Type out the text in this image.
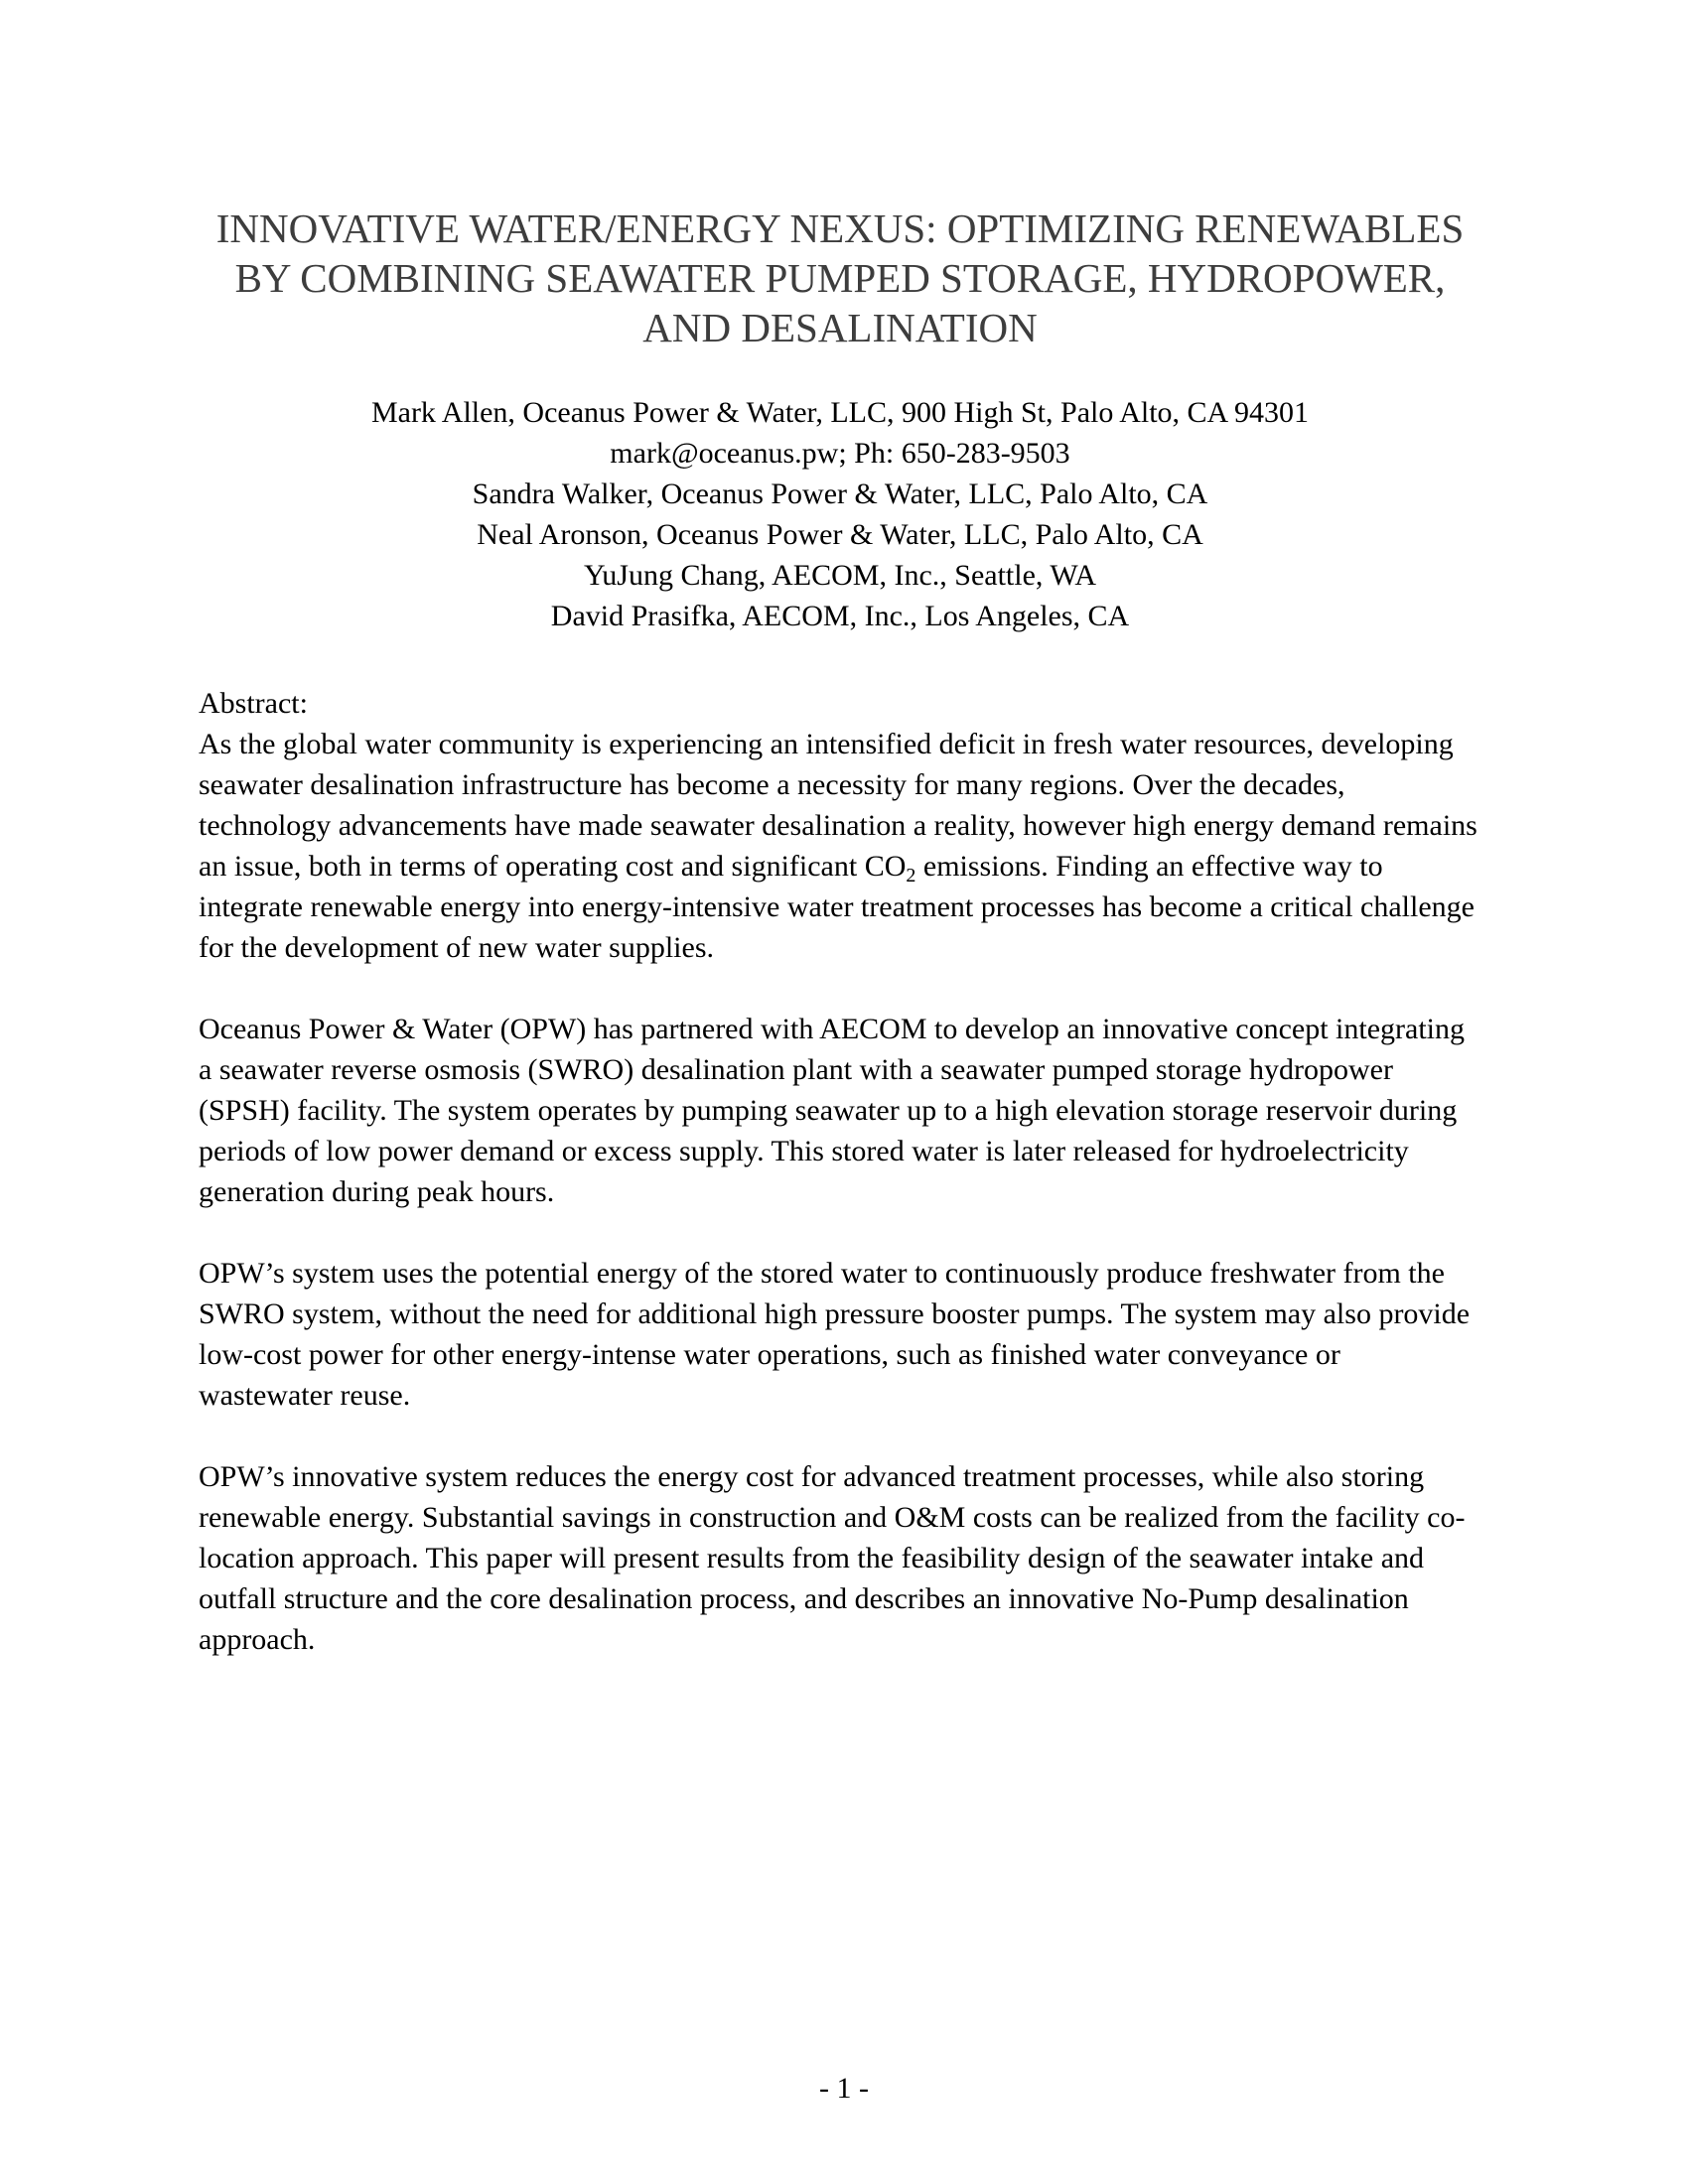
INNOVATIVE WATER/ENERGY NEXUS: OPTIMIZING RENEWABLES
BY COMBINING SEAWATER PUMPED STORAGE, HYDROPOWER,
AND DESALINATION
Mark Allen, Oceanus Power & Water, LLC, 900 High St, Palo Alto, CA 94301
mark@oceanus.pw; Ph: 650-283-9503
Sandra Walker, Oceanus Power & Water, LLC, Palo Alto, CA
Neal Aronson, Oceanus Power & Water, LLC, Palo Alto, CA
YuJung Chang, AECOM, Inc., Seattle, WA
David Prasifka, AECOM, Inc., Los Angeles, CA
Abstract:

As the global water community is experiencing an intensified deficit in fresh water resources, developing seawater desalination infrastructure has become a necessity for many regions. Over the decades, technology advancements have made seawater desalination a reality, however high energy demand remains an issue, both in terms of operating cost and significant $CO_2$ emissions. Finding an effective way to integrate renewable energy into energy-intensive water treatment processes has become a critical challenge for the development of new water supplies.

Oceanus Power & Water (OPW) has partnered with AECOM to develop an innovative concept integrating a seawater reverse osmosis (SWRO) desalination plant with a seawater pumped storage hydropower (SPSH) facility. The system operates by pumping seawater up to a high elevation storage reservoir during periods of low power demand or excess supply. This stored water is later released for hydroelectricity generation during peak hours.

OPW’s system uses the potential energy of the stored water to continuously produce freshwater from the SWRO system, without the need for additional high pressure booster pumps. The system may also provide low-cost power for other energy-intense water operations, such as finished water conveyance or wastewater reuse.

OPW’s innovative system reduces the energy cost for advanced treatment processes, while also storing renewable energy. Substantial savings in construction and O&M costs can be realized from the facility co-location approach. This paper will present results from the feasibility design of the seawater intake and outfall structure and the core desalination process, and describes an innovative No-Pump desalination approach.

- 1 -
